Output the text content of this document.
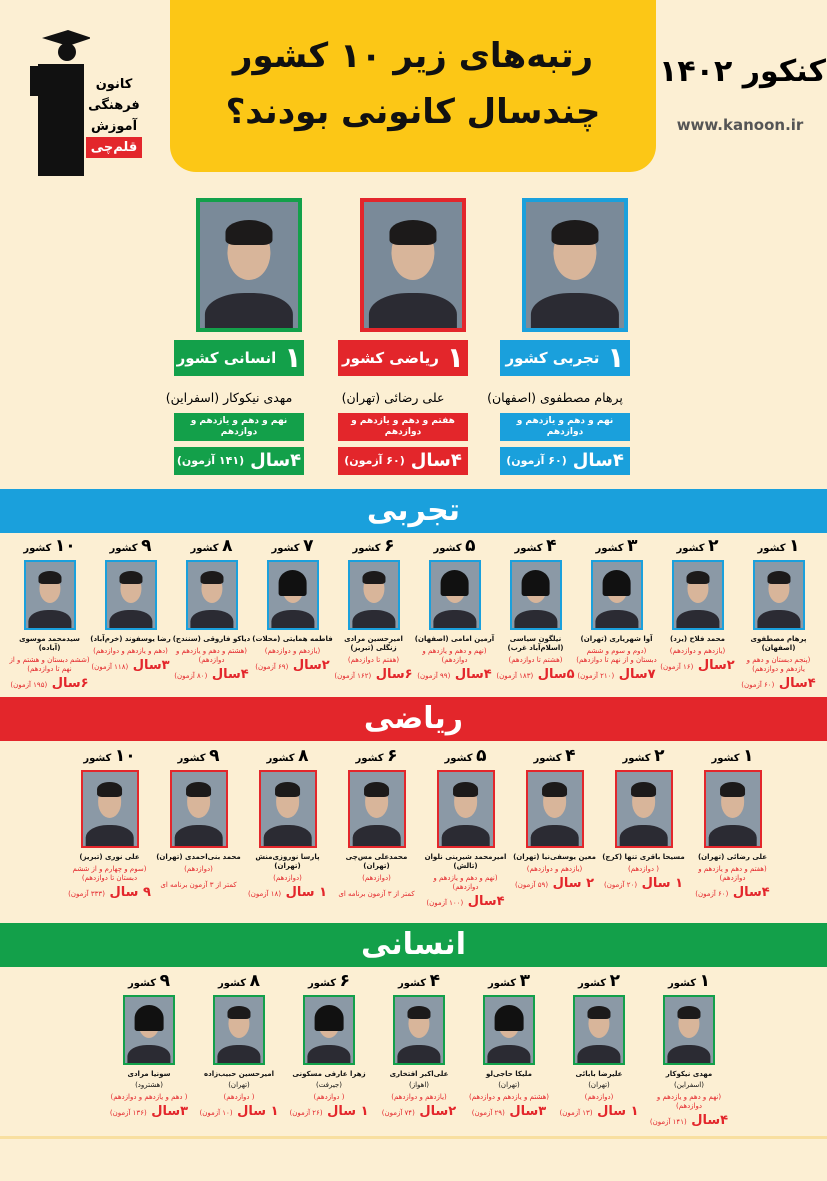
رتبه‌های زیر ۱۰ کشور
چندسال کانونی بودند؟
کانون
فرهنگی
آموزش
قلم‌چی
کنکور ۱۴۰۲
www.kanoon.ir
۱
تجربی کشور
پرهام مصطفوی (اصفهان)
نهم و دهم و یازدهم و دوازدهم
۴سال
(۶۰ آزمون)
۱
ریاضی کشور
علی رضائی (تهران)
هفتم و دهم و یازدهم و دوازدهم
۴سال
(۶۰ آزمون)
۱
انسانی کشور
مهدی نیکوکار (اسفراین)
نهم و دهم و یازدهم و دوازدهم
۴سال
(۱۴۱ آزمون)
تجربی
۱ کشور
پرهام مصطفوی (اصفهان)
(پنجم دبستان و دهم و یازدهم و دوازدهم)
۴سال (۶۰ آزمون)
۲ کشور
محمد فلاح (یزد)
(یازدهم و دوازدهم)
۲سال (۱۶ آزمون)
۳ کشور
آوا شهریاری (تهران)
(دوم و سوم و ششم دبستان و از نهم تا دوازدهم)
۷سال (۲۱۰ آزمون)
۴ کشور
نیلگون سیاسی (اسلام‌آباد غرب)
(هشتم تا دوازدهم)
۵سال (۱۸۳ آزمون)
۵ کشور
آرمین امامی (اصفهان)
(نهم و دهم و یازدهم و دوازدهم)
۴سال (۹۹ آزمون)
۶ کشور
امیرحسین مرادی زنگلی (تبریز)
(هفتم تا دوازدهم)
۶سال (۱۶۲ آزمون)
۷ کشور
فاطمه همایتی (محلات)
(یازدهم و دوازدهم)
۲سال (۶۹ آزمون)
۸ کشور
دیاکو فاروقی (سنندج)
(هشتم و دهم و یازدهم و دوازدهم)
۴سال (۸۰ آزمون)
۹ کشور
رضا یوسفوند (خرم‌آباد)
(دهم و یازدهم و دوازدهم)
۳سال (۱۱۸ آزمون)
۱۰ کشور
سیدمحمد موسوی (آباده)
(ششم دبستان و هشتم و از نهم تا دوازدهم)
۶سال (۱۹۵ آزمون)
ریاضی
۱ کشور
علی رضائی (تهران)
(هفتم و دهم و یازدهم و دوازدهم)
۴سال (۶۰ آزمون)
۲ کشور
مسیحا باقری تنها (کرج)
( دوازدهم)
۱ سال (۲۰ آزمون)
۴ کشور
معین یوسفی‌نیا (تهران)
(یازدهم و دوازدهم)
۲ سال (۵۹ آزمون)
۵ کشور
امیرمحمد شیرینی نلوان (تالش)
(نهم و دهم و یازدهم و دوازدهم)
۴سال (۱۰۰ آزمون)
۶ کشور
محمدعلی مس‌چی (تهران)
(دوازدهم)
کمتر از ۳ آزمون برنامه ای
۸ کشور
پارسا نوروزی‌منش (تهران)
(دوازدهم)
۱ سال (۱۸ آزمون)
۹ کشور
محمد بنی‌احمدی (تهران)
(دوازدهم)
کمتر از ۳ آزمون برنامه ای
۱۰ کشور
علی نوری (تبریز)
(سوم و چهارم و از ششم دبستان تا دوازدهم)
۹ سال (۳۳۳ آزمون)
انسانی
۱ کشور
مهدی نیکوکار
(اسفراین)
(نهم و دهم و یازدهم و دوازدهم)
۴سال (۱۴۱ آزمون)
۲ کشور
علیرضا بابائی
(تهران)
(دوازدهم)
۱ سال (۱۳ آزمون)
۳ کشور
ملیکا حاجی‌لو
(تهران)
(هشتم و یازدهم و دوازدهم)
۳سال (۲۹ آزمون)
۴ کشور
علی‌اکبر افتخاری
(اهواز)
(یازدهم و دوازدهم)
۲سال (۷۴ آزمون)
۶ کشور
زهرا عارفی مسکونی
(جیرفت)
( دوازدهم)
۱ سال (۲۶ آزمون)
۸ کشور
امیرحسین حبیب‌زاده
(تهران)
( دوازدهم)
۱ سال (۱۰ آزمون)
۹ کشور
سونیا مرادی
(هشترود)
( دهم و یازدهم و دوازدهم)
۳سال (۱۳۶ آزمون)
